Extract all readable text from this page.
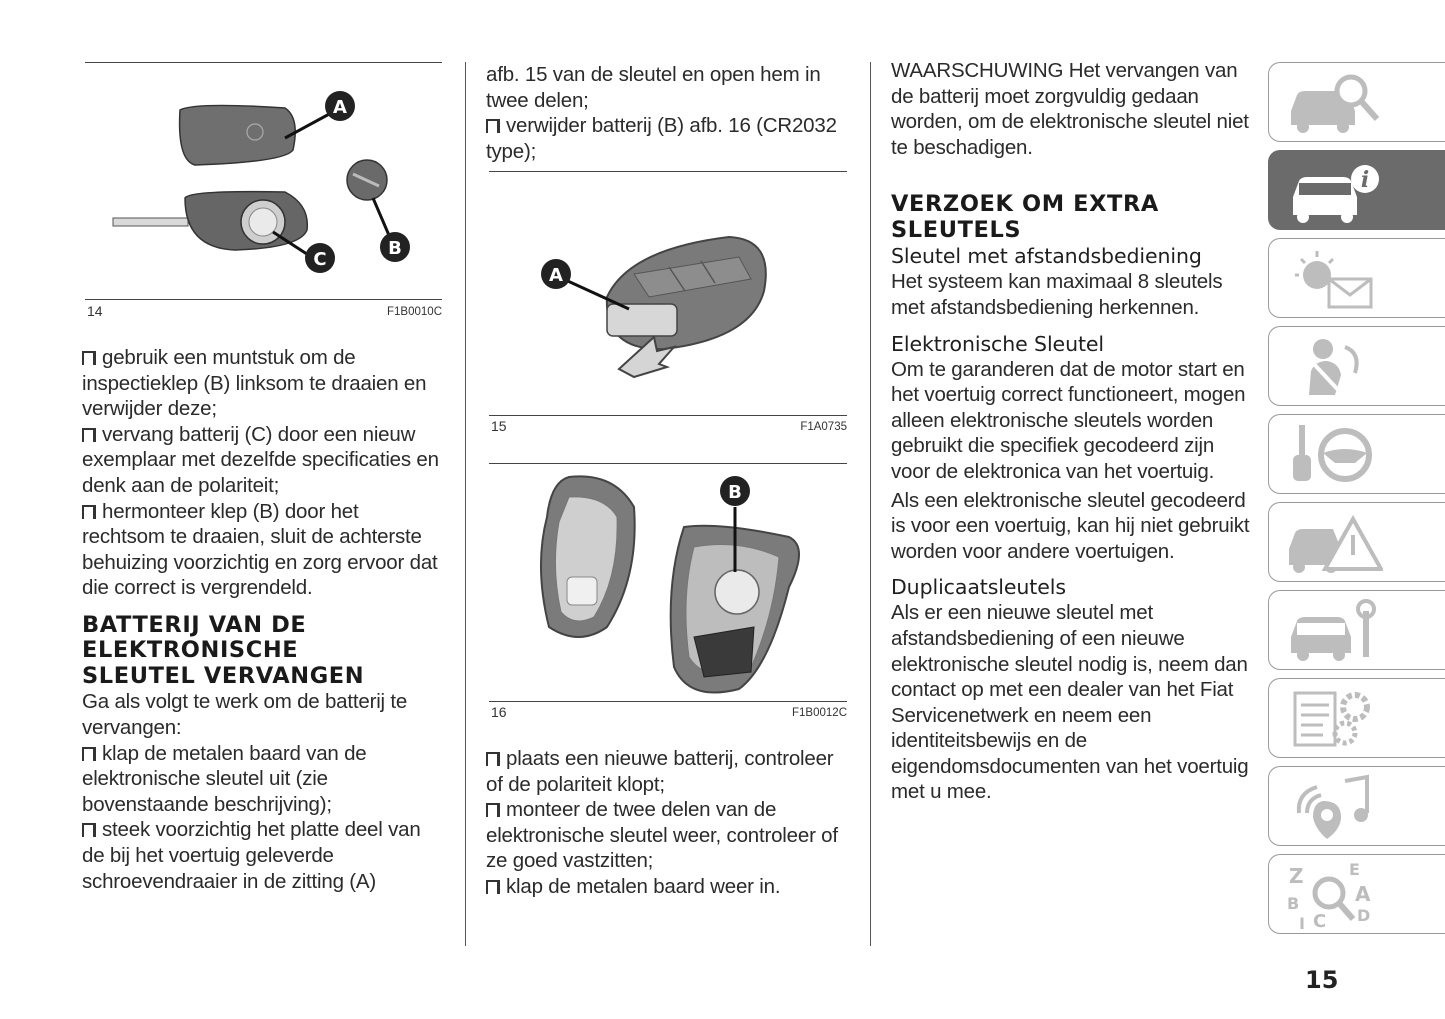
A
B
C
14	F1B0010C
gebruik een muntstuk om de inspectieklep (B) linksom te draaien en verwijder deze;
vervang batterij (C) door een nieuw exemplaar met dezelfde specificaties en denk aan de polariteit;
hermonteer klep (B) door het rechtsom te draaien, sluit de achterste behuizing voorzichtig en zorg ervoor dat die correct is vergrendeld.
BATTERIJ VAN DE ELEKTRONISCHE SLEUTEL VERVANGEN

Ga als volgt te werk om de batterij te vervangen:

klap de metalen baard van de elektronische sleutel uit (zie bovenstaande beschrijving);
steek voorzichtig het platte deel van de bij het voertuig geleverde schroevendraaier in de zitting (A)

afb. 15 van de sleutel en open hem in twee delen;

verwijder batterij (B) afb. 16 (CR2032 type);
A
15	F1A0735
B
16	F1B0012C
plaats een nieuwe batterij, controleer of de polariteit klopt;
monteer de twee delen van de elektronische sleutel weer, controleer of ze goed vastzitten;
klap de metalen baard weer in.

WAARSCHUWING Het vervangen van de batterij moet zorgvuldig gedaan worden, om de elektronische sleutel niet te beschadigen.

VERZOEK OM EXTRA SLEUTELS
Sleutel met afstandsbediening

Het systeem kan maximaal 8 sleutels met afstandsbediening herkennen.

Elektronische Sleutel

Om te garanderen dat de motor start en het voertuig correct functioneert, mogen alleen elektronische sleutels worden gebruikt die specifiek gecodeerd zijn voor de elektronica van het voertuig.

Als een elektronische sleutel gecodeerd is voor een voertuig, kan hij niet gebruikt worden voor andere voertuigen.

Duplicaatsleutels

Als er een nieuwe sleutel met afstandsbediening of een nieuwe elektronische sleutel nodig is, neem dan contact op met een dealer van het Fiat Servicenetwerk en neem een identiteitsbewijs en de eigendomsdocumenten van het voertuig met u mee.

i
Z	E
A
B
C D
I
15
